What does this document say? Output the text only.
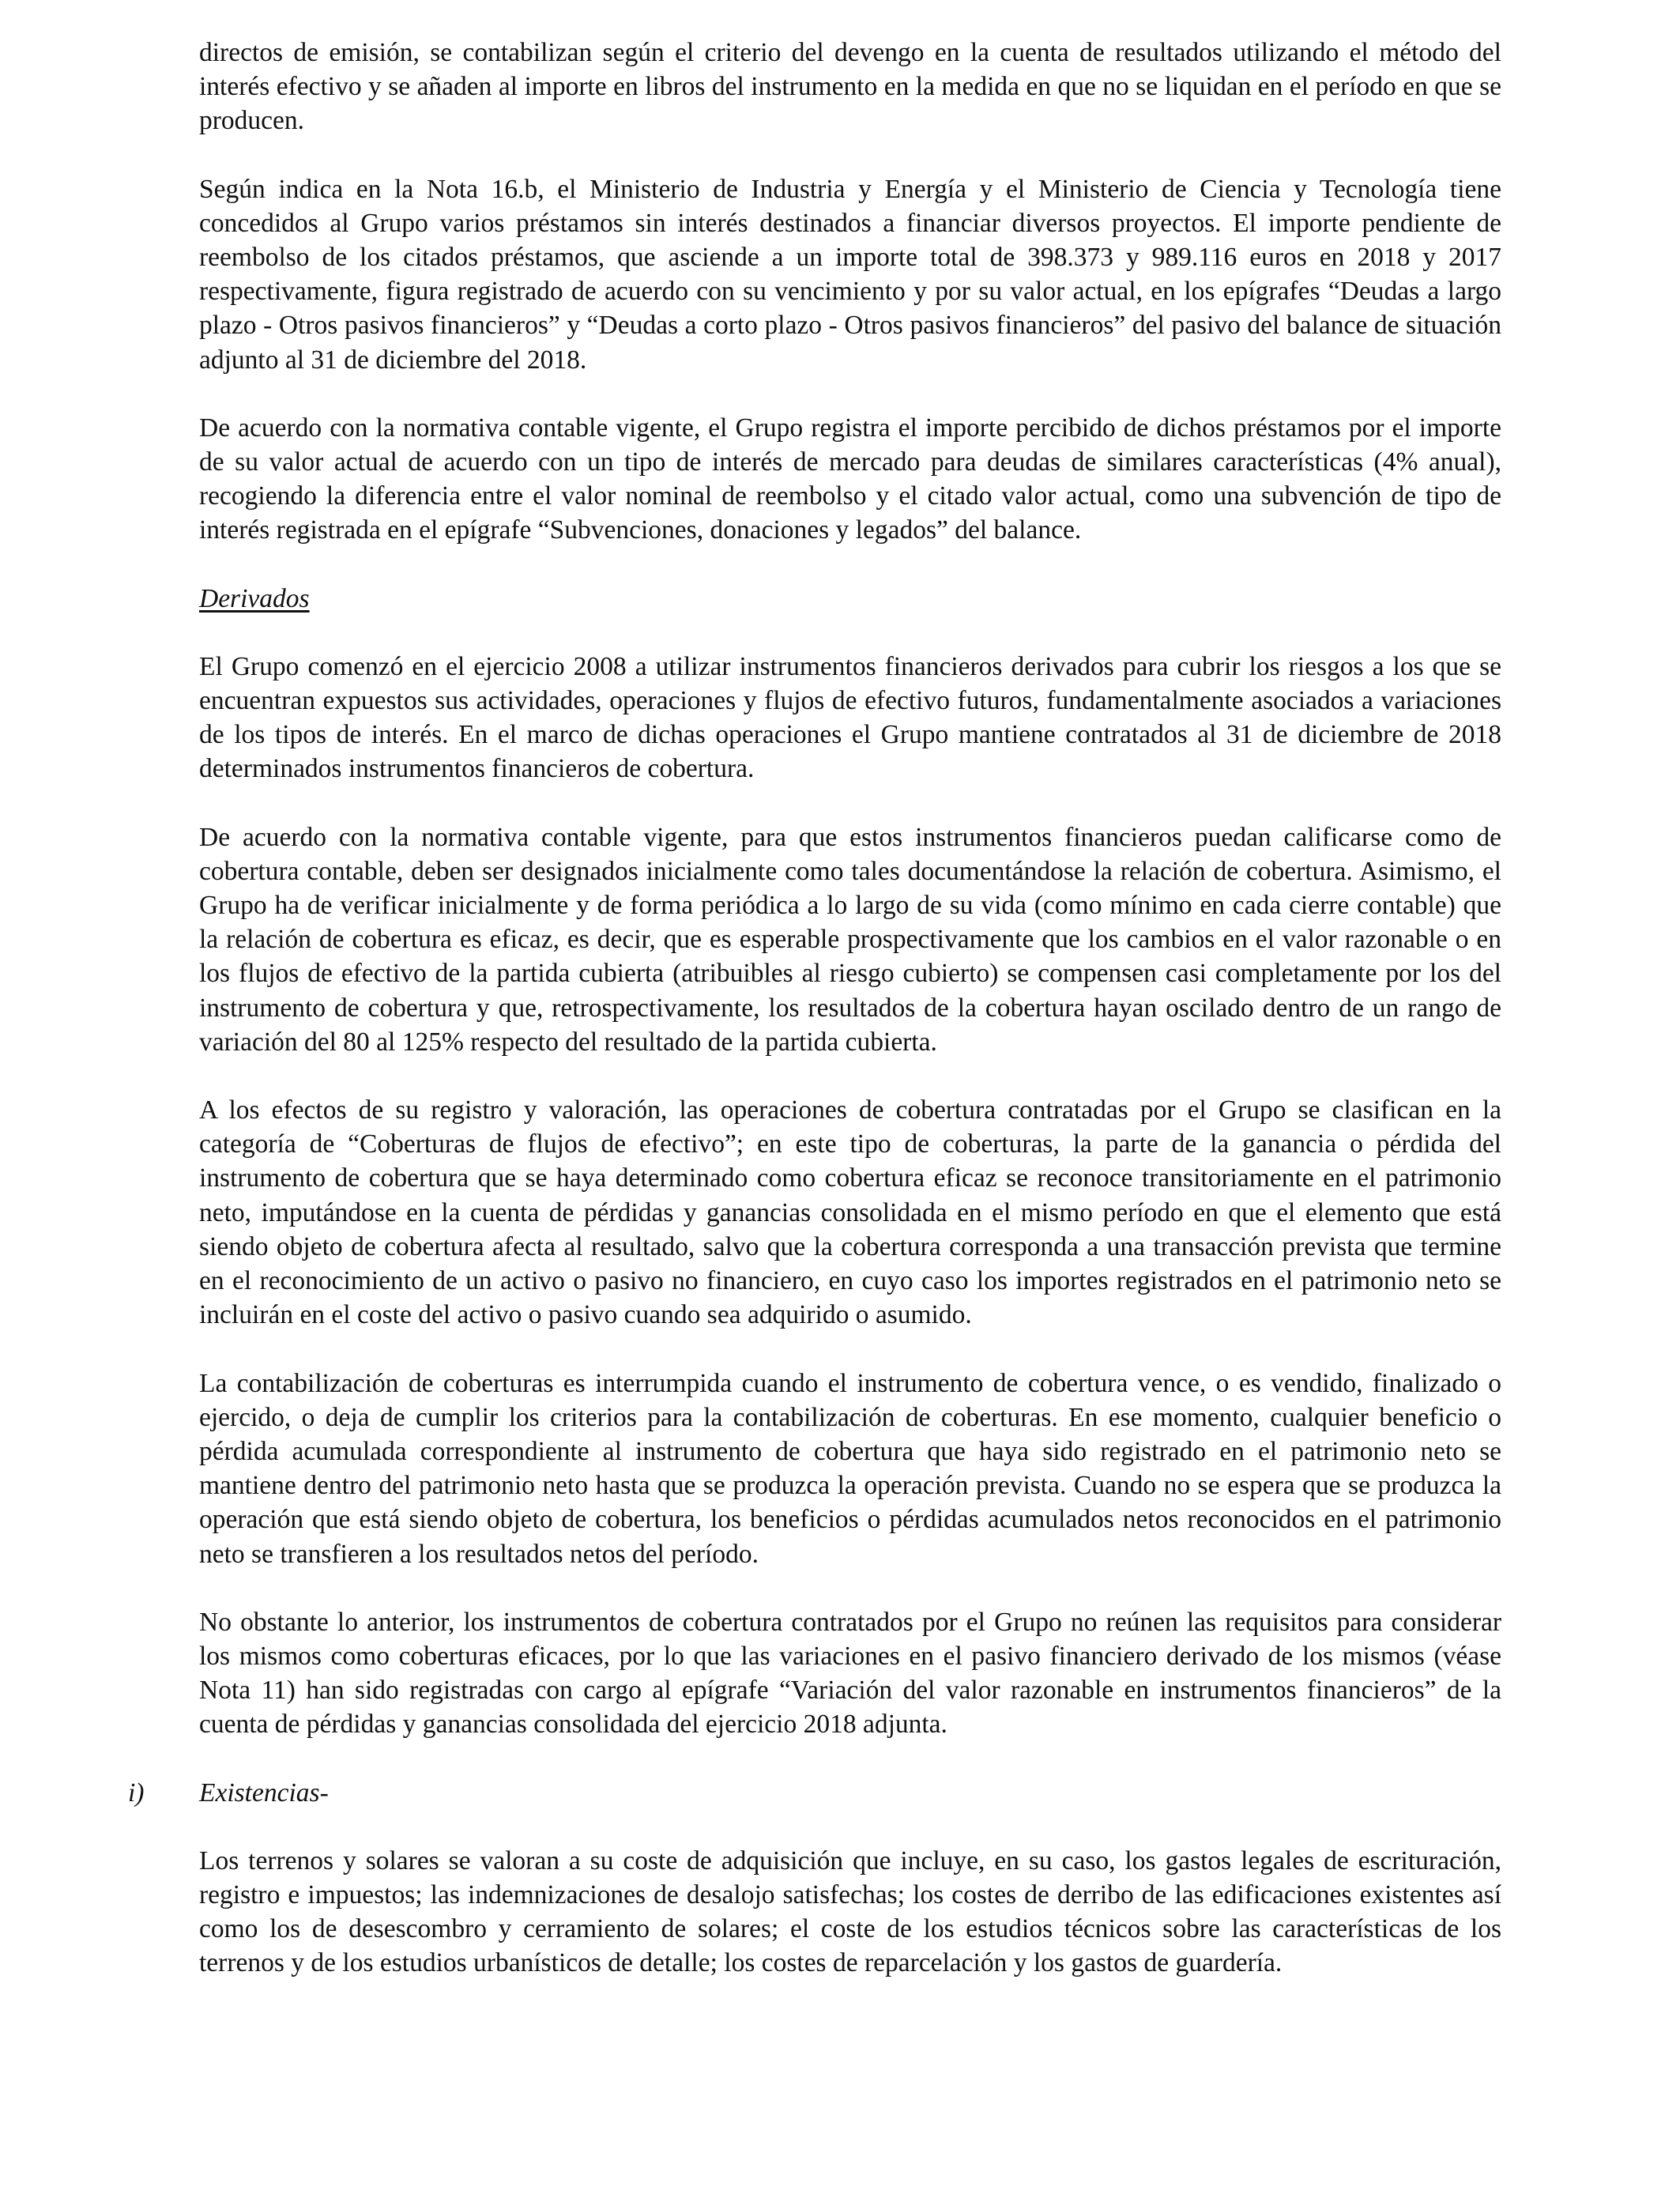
directos de emisión, se contabilizan según el criterio del devengo en la cuenta de resultados utilizando el método del interés efectivo y se añaden al importe en libros del instrumento en la medida en que no se liquidan en el período en que se producen.

Según indica en la Nota 16.b, el Ministerio de Industria y Energía y el Ministerio de Ciencia y Tecnología tiene concedidos al Grupo varios préstamos sin interés destinados a financiar diversos proyectos. El importe pendiente de reembolso de los citados préstamos, que asciende a un importe total de 398.373 y 989.116 euros en 2018 y 2017 respectivamente, figura registrado de acuerdo con su vencimiento y por su valor actual, en los epígrafes “Deudas a largo plazo - Otros pasivos financieros” y “Deudas a corto plazo - Otros pasivos financieros” del pasivo del balance de situación adjunto al 31 de diciembre del 2018.

De acuerdo con la normativa contable vigente, el Grupo registra el importe percibido de dichos préstamos por el importe de su valor actual de acuerdo con un tipo de interés de mercado para deudas de similares características (4% anual), recogiendo la diferencia entre el valor nominal de reembolso y el citado valor actual, como una subvención de tipo de interés registrada en el epígrafe “Subvenciones, donaciones y legados” del balance.

Derivados

El Grupo comenzó en el ejercicio 2008 a utilizar instrumentos financieros derivados para cubrir los riesgos a los que se encuentran expuestos sus actividades, operaciones y flujos de efectivo futuros, fundamentalmente asociados a variaciones de los tipos de interés. En el marco de dichas operaciones el Grupo mantiene contratados al 31 de diciembre de 2018 determinados instrumentos financieros de cobertura.

De acuerdo con la normativa contable vigente, para que estos instrumentos financieros puedan calificarse como de cobertura contable, deben ser designados inicialmente como tales documentándose la relación de cobertura. Asimismo, el Grupo ha de verificar inicialmente y de forma periódica a lo largo de su vida (como mínimo en cada cierre contable) que la relación de cobertura es eficaz, es decir, que es esperable prospectivamente que los cambios en el valor razonable o en los flujos de efectivo de la partida cubierta (atribuibles al riesgo cubierto) se compensen casi completamente por los del instrumento de cobertura y que, retrospectivamente, los resultados de la cobertura hayan oscilado dentro de un rango de variación del 80 al 125% respecto del resultado de la partida cubierta.

A los efectos de su registro y valoración, las operaciones de cobertura contratadas por el Grupo se clasifican en la categoría de “Coberturas de flujos de efectivo”; en este tipo de coberturas, la parte de la ganancia o pérdida del instrumento de cobertura que se haya determinado como cobertura eficaz se reconoce transitoriamente en el patrimonio neto, imputándose en la cuenta de pérdidas y ganancias consolidada en el mismo período en que el elemento que está siendo objeto de cobertura afecta al resultado, salvo que la cobertura corresponda a una transacción prevista que termine en el reconocimiento de un activo o pasivo no financiero, en cuyo caso los importes registrados en el patrimonio neto se incluirán en el coste del activo o pasivo cuando sea adquirido o asumido.

La contabilización de coberturas es interrumpida cuando el instrumento de cobertura vence, o es vendido, finalizado o ejercido, o deja de cumplir los criterios para la contabilización de coberturas. En ese momento, cualquier beneficio o pérdida acumulada correspondiente al instrumento de cobertura que haya sido registrado en el patrimonio neto se mantiene dentro del patrimonio neto hasta que se produzca la operación prevista. Cuando no se espera que se produzca la operación que está siendo objeto de cobertura, los beneficios o pérdidas acumulados netos reconocidos en el patrimonio neto se transfieren a los resultados netos del período.

No obstante lo anterior, los instrumentos de cobertura contratados por el Grupo no reúnen las requisitos para considerar los mismos como coberturas eficaces, por lo que las variaciones en el pasivo financiero derivado de los mismos (véase Nota 11) han sido registradas con cargo al epígrafe “Variación del valor razonable en instrumentos financieros” de la cuenta de pérdidas y ganancias consolidada del ejercicio 2018 adjunta.

i) Existencias-

Los terrenos y solares se valoran a su coste de adquisición que incluye, en su caso, los gastos legales de escrituración, registro e impuestos; las indemnizaciones de desalojo satisfechas; los costes de derribo de las edificaciones existentes así como los de desescombro y cerramiento de solares; el coste de los estudios técnicos sobre las características de los terrenos y de los estudios urbanísticos de detalle; los costes de reparcelación y los gastos de guardería.
